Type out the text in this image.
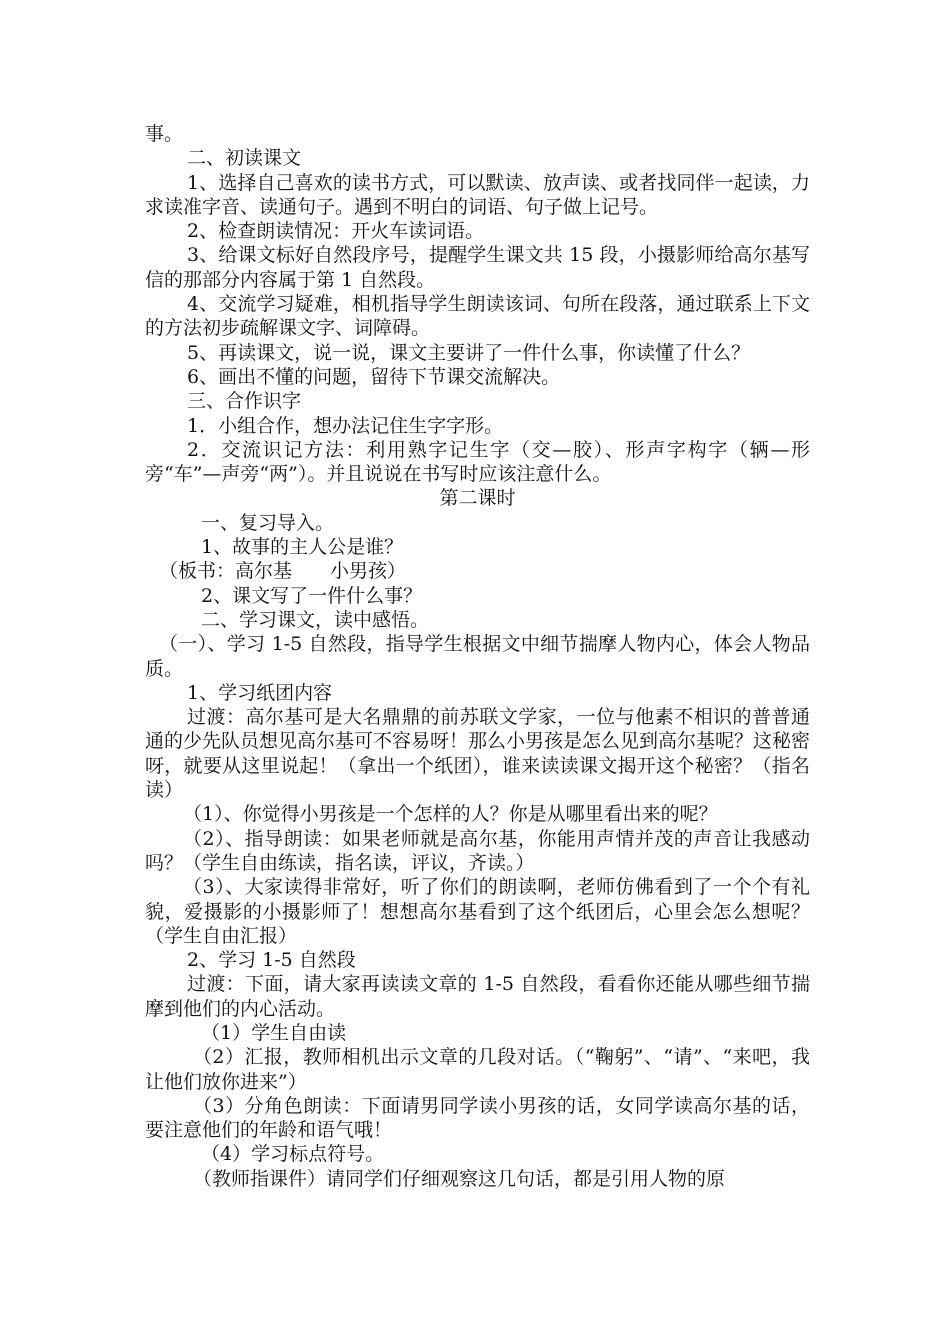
事。

二、初读课文

1、选择自己喜欢的读书方式，可以默读、放声读、或者找同伴一起读，力求读准字音、读通句子。遇到不明白的词语、句子做上记号。

2、检查朗读情况：开火车读词语。

3、给课文标好自然段序号，提醒学生课文共 15 段，小摄影师给高尔基写信的那部分内容属于第 1 自然段。

4、交流学习疑难，相机指导学生朗读该词、句所在段落，通过联系上下文的方法初步疏解课文字、词障碍。

5、再读课文，说一说，课文主要讲了一件什么事，你读懂了什么？

6、画出不懂的问题，留待下节课交流解决。

三、合作识字

1．小组合作，想办法记住生字字形。

2．交流识记方法：利用熟字记生字（交—胶）、形声字构字（辆—形旁“车”—声旁“两”）。并且说说在书写时应该注意什么。

第二课时

一、复习导入。

1、故事的主人公是谁？

（板书：高尔基　　小男孩）

2、课文写了一件什么事？

二、学习课文，读中感悟。

（一）、学习 1-5 自然段，指导学生根据文中细节揣摩人物内心，体会人物品质。

1、学习纸团内容

过渡：高尔基可是大名鼎鼎的前苏联文学家，一位与他素不相识的普普通通的少先队员想见高尔基可不容易呀！那么小男孩是怎么见到高尔基呢？这秘密呀，就要从这里说起！（拿出一个纸团），谁来读读课文揭开这个秘密？（指名读）

（1）、你觉得小男孩是一个怎样的人？你是从哪里看出来的呢？

（2）、指导朗读：如果老师就是高尔基，你能用声情并茂的声音让我感动吗？（学生自由练读，指名读，评议，齐读。）

（3）、大家读得非常好，听了你们的朗读啊，老师仿佛看到了一个个有礼貌，爱摄影的小摄影师了！想想高尔基看到了这个纸团后，心里会怎么想呢？（学生自由汇报）

2、学习 1-5 自然段

过渡：下面，请大家再读读文章的 1-5 自然段，看看你还能从哪些细节揣摩到他们的内心活动。

（1）学生自由读

（2）汇报，教师相机出示文章的几段对话。（“鞠躬”、“请”、“来吧，我让他们放你进来”）

（3）分角色朗读：下面请男同学读小男孩的话，女同学读高尔基的话，要注意他们的年龄和语气哦！

（4）学习标点符号。

（教师指课件）请同学们仔细观察这几句话，都是引用人物的原
